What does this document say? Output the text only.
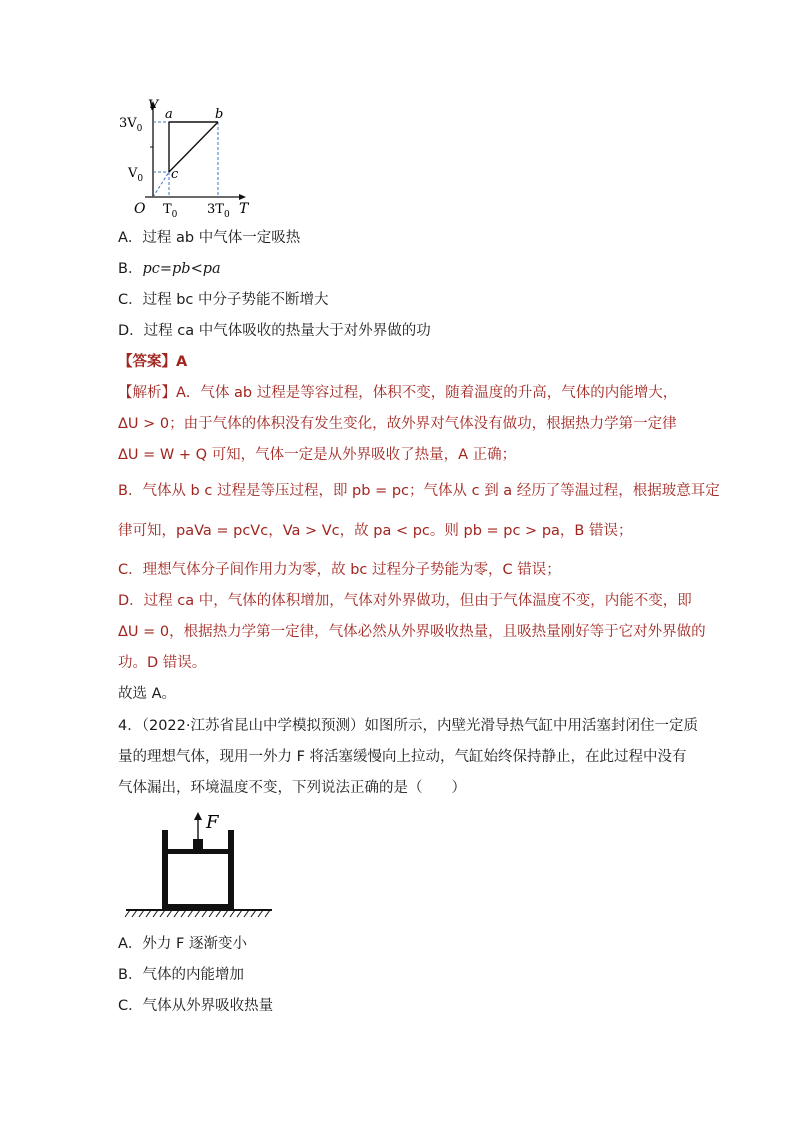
V
T
O
$3V_0$
$V_0$
$T_0$ $3T_0$
a	b
c
A．过程 ab 中气体一定吸热
B．pc=pb<pa
C．过程 bc 中分子势能不断增大
D．过程 ca 中气体吸收的热量大于对外界做的功
【答案】A
【解析】A．气体 ab 过程是等容过程，体积不变，随着温度的升高，气体的内能增大，
ΔU > 0；由于气体的体积没有发生变化，故外界对气体没有做功，根据热力学第一定律
ΔU = W + Q 可知，气体一定是从外界吸收了热量，A 正确；
B．气体从 b c 过程是等压过程，即 pb = pc；气体从 c 到 a 经历了等温过程，根据玻意耳定
律可知，paVa = pcVc，Va > Vc，故 pa < pc。则 pb = pc > pa，B 错误；
C．理想气体分子间作用力为零，故 bc 过程分子势能为零，C 错误；
D．过程 ca 中，气体的体积增加，气体对外界做功，但由于气体温度不变，内能不变，即
ΔU = 0，根据热力学第一定律，气体必然从外界吸收热量，且吸热量刚好等于它对外界做的
功。D 错误。
故选 A。
4．（2022·江苏省昆山中学模拟预测）如图所示，内壁光滑导热气缸中用活塞封闭住一定质
量的理想气体，现用一外力 F 将活塞缓慢向上拉动，气缸始终保持静止，在此过程中没有
气体漏出，环境温度不变，下列说法正确的是（　　）
F
A．外力 F 逐渐变小
B．气体的内能增加
C．气体从外界吸收热量
